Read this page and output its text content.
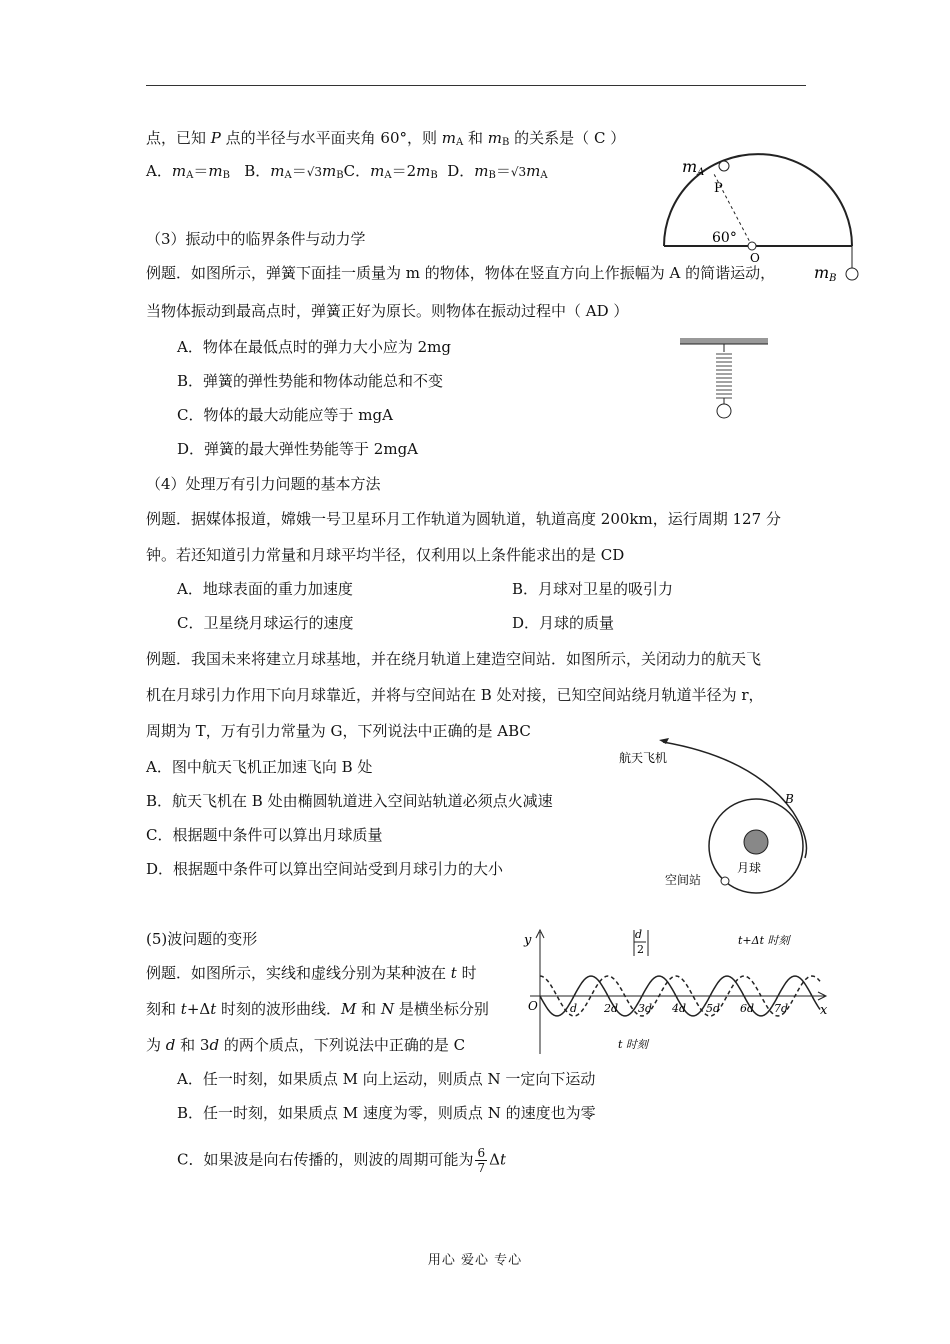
点，已知 P 点的半径与水平面夹角 60°，则 $m_A$ 和 $m_B$ 的关系是（ C ）
A．$m_A=m_B$   B．$m_A=√3m_BC$．$m_A=2m_B$  D．$m_B=√3m_A$	mA
P
60°
O
mB
（3）振动中的临界条件与动力学
例题．如图所示，弹簧下面挂一质量为 m 的物体，物体在竖直方向上作振幅为 A 的简谐运动，
当物体振动到最高点时，弹簧正好为原长。则物体在振动过程中（ AD ）
A．物体在最低点时的弹力大小应为 2mg
B．弹簧的弹性势能和物体动能总和不变
C．物体的最大动能应等于 mgA
D．弹簧的最大弹性势能等于 2mgA
（4）处理万有引力问题的基本方法
例题．据媒体报道，嫦娥一号卫星环月工作轨道为圆轨道，轨道高度 200km，运行周期 127 分
钟。若还知道引力常量和月球平均半径，仅利用以上条件能求出的是 CD
A．地球表面的重力加速度	B．月球对卫星的吸引力
C．卫星绕月球运行的速度	D．月球的质量
例题．我国未来将建立月球基地，并在绕月轨道上建造空间站．如图所示，关闭动力的航天飞
机在月球引力作用下向月球靠近，并将与空间站在 B 处对接，已知空间站绕月轨道半径为 r，
周期为 T，万有引力常量为 G，下列说法中正确的是 ABC
A．图中航天飞机正加速飞向 B 处
B．航天飞机在 B 处由椭圆轨道进入空间站轨道必须点火减速
C．根据题中条件可以算出月球质量
D．根据题中条件可以算出空间站受到月球引力的大小
航天飞机
B
月球
空间站
(5)波问题的变形
例题．如图所示，实线和虚线分别为某种波在 t 时
刻和 t+Δt 时刻的波形曲线．M 和 N 是横坐标分别
为 d 和 3d 的两个质点，下列说法中正确的是 C
A．任一时刻，如果质点 M 向上运动，则质点 N 一定向下运动
B．任一时刻，如果质点 M 速度为零，则质点 N 的速度也为零
C．如果波是向右传播的，则波的周期可能为 $\frac{6}{7}$ Δt
y
x
O
d
2
t+Δt 时刻
t 时刻
d 2d 3d 4d 5d 6d 7d
用心 爱心 专心
